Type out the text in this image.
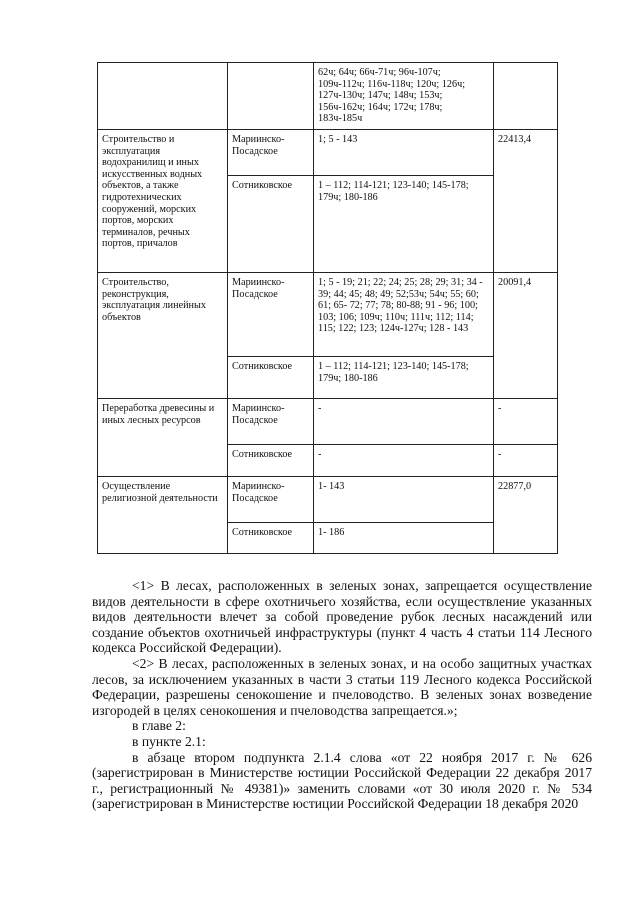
		62ч; 64ч; 66ч-71ч; 96ч-107ч; 109ч-112ч; 116ч-118ч; 120ч; 126ч; 127ч-130ч; 147ч; 148ч; 153ч; 156ч-162ч; 164ч; 172ч; 178ч; 183ч-185ч	
Строительство и эксплуатация водохранилищ и иных искусственных водных объектов, а также гидротехнических сооружений, морских портов, морских терминалов, речных портов, причалов	Мариинско-Посадское	1; 5 - 143	22413,4
	Сотниковское	1 – 112; 114-121; 123-140; 145-178; 179ч; 180-186	
Строительство, реконструкция, эксплуатация линейных объектов	Мариинско-Посадское	1; 5 - 19; 21; 22; 24; 25; 28; 29; 31; 34 - 39; 44; 45; 48; 49; 52;53ч; 54ч; 55; 60; 61; 65- 72; 77; 78; 80-88; 91 - 96; 100; 103; 106; 109ч; 110ч; 111ч; 112; 114; 115; 122; 123; 124ч-127ч; 128 - 143	20091,4
	Сотниковское	1 – 112; 114-121; 123-140; 145-178; 179ч; 180-186	
Переработка древесины и иных лесных ресурсов	Мариинско-Посадское	-	-
	Сотниковское	-	-
Осуществление религиозной деятельности	Мариинско-Посадское	1- 143	22877,0
	Сотниковское	1- 186	

<1> В лесах, расположенных в зеленых зонах, запрещается осуществление видов деятельности в сфере охотничьего хозяйства, если осуществление указанных видов деятельности влечет за собой проведение рубок лесных насаждений или создание объектов охотничьей инфраструктуры (пункт 4 часть 4 статьи 114 Лесного кодекса Российской Федерации).

<2> В лесах, расположенных в зеленых зонах, и на особо защитных участках лесов, за исключением указанных в части 3 статьи 119 Лесного кодекса Российской Федерации, разрешены сенокошение и пчеловодство. В зеленых зонах возведение изгородей в целях сенокошения и пчеловодства запрещается.»;

в главе 2:

в пункте 2.1:

в абзаце втором подпункта 2.1.4 слова «от 22 ноября 2017 г. № 626 (зарегистрирован в Министерстве юстиции Российской Федерации 22 декабря 2017 г., регистрационный № 49381)» заменить словами «от 30 июля 2020 г. № 534 (зарегистрирован в Министерстве юстиции Российской Федерации 18 декабря 2020
